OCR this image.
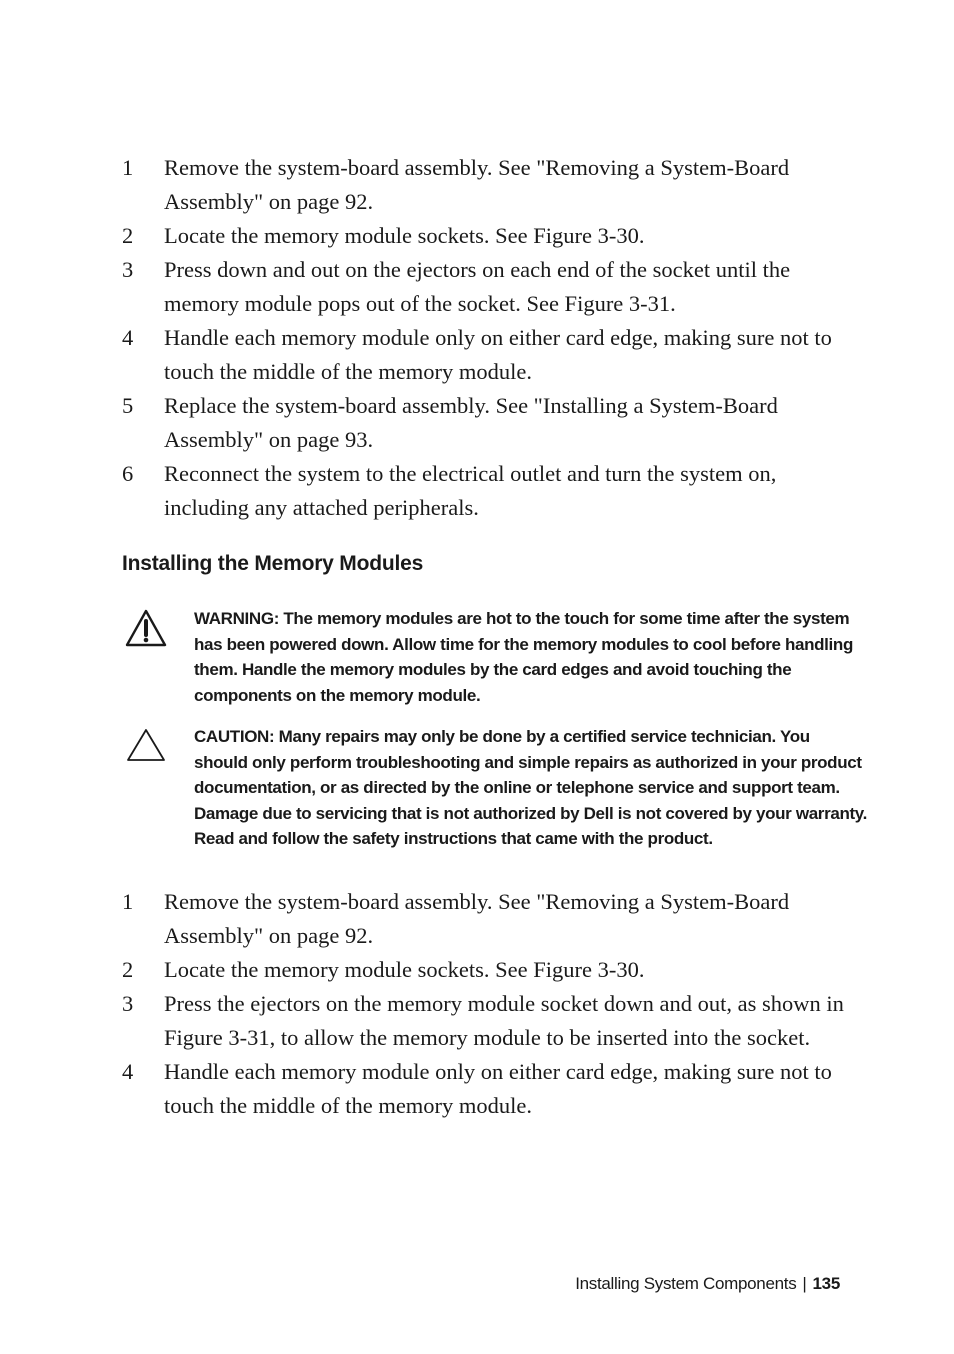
1 Remove the system-board assembly. See "Removing a System-Board Assembly" on page 92.
2 Locate the memory module sockets. See Figure 3-30.
3 Press down and out on the ejectors on each end of the socket until the memory module pops out of the socket. See Figure 3-31.
4 Handle each memory module only on either card edge, making sure not to touch the middle of the memory module.
5 Replace the system-board assembly. See "Installing a System-Board Assembly" on page 93.
6 Reconnect the system to the electrical outlet and turn the system on, including any attached peripherals.
Installing the Memory Modules

WARNING: The memory modules are hot to the touch for some time after the system has been powered down. Allow time for the memory modules to cool before handling them. Handle the memory modules by the card edges and avoid touching the components on the memory module.

CAUTION: Many repairs may only be done by a certified service technician. You should only perform troubleshooting and simple repairs as authorized in your product documentation, or as directed by the online or telephone service and support team. Damage due to servicing that is not authorized by Dell is not covered by your warranty. Read and follow the safety instructions that came with the product.

1 Remove the system-board assembly. See "Removing a System-Board Assembly" on page 92.
2 Locate the memory module sockets. See Figure 3-30.
3 Press the ejectors on the memory module socket down and out, as shown in Figure 3-31, to allow the memory module to be inserted into the socket.
4 Handle each memory module only on either card edge, making sure not to touch the middle of the memory module.
Installing System Components | 135
